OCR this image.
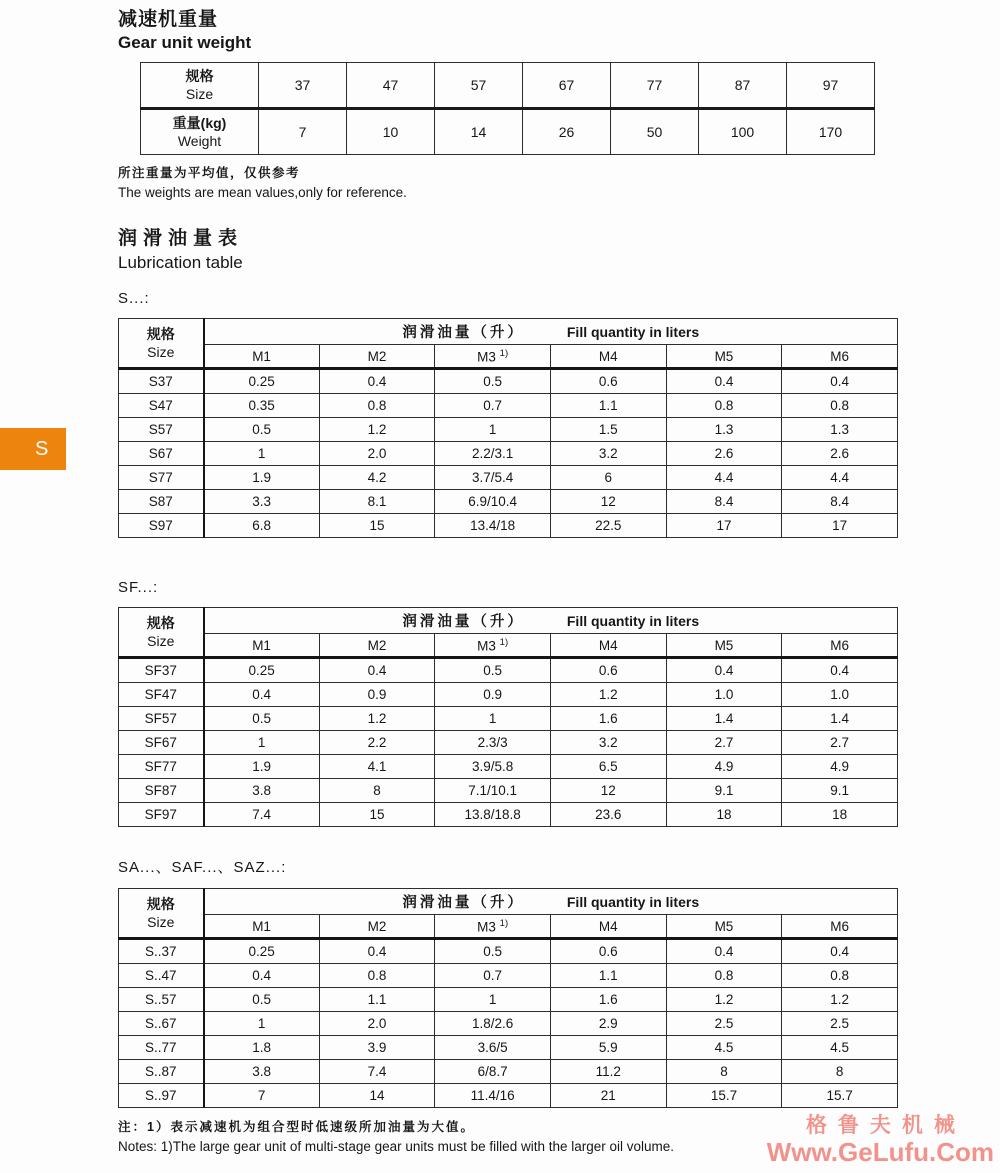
S
减速机重量
Gear unit weight
规格
Size	37	47	57	67	77	87	97

重量(kg)
Weight	7	10	14	26	50	100	170
所注重量为平均值，仅供参考
The weights are mean values,only for reference.
润滑油量表
Lubrication table
S...:
规格
Size

润滑油量（升）	Fill quantity in liters

	M1	M2	M3 $^{1)}$	M4	M5	M6
S37	0.25	0.4	0.5	0.6	0.4	0.4
S47	0.35	0.8	0.7	1.1	0.8	0.8
S57	0.5	1.2	1	1.5	1.3	1.3
S67	1	2.0	2.2/3.1	3.2	2.6	2.6
S77	1.9	4.2	3.7/5.4	6	4.4	4.4
S87	3.3	8.1	6.9/10.4	12	8.4	8.4
S97	6.8	15	13.4/18	22.5	17	17
SF...:
规格
Size

润滑油量（升）	Fill quantity in liters

	M1	M2	M3 $^{1)}$	M4	M5	M6
SF37	0.25	0.4	0.5	0.6	0.4	0.4
SF47	0.4	0.9	0.9	1.2	1.0	1.0
SF57	0.5	1.2	1	1.6	1.4	1.4
SF67	1	2.2	2.3/3	3.2	2.7	2.7
SF77	1.9	4.1	3.9/5.8	6.5	4.9	4.9
SF87	3.8	8	7.1/10.1	12	9.1	9.1
SF97	7.4	15	13.8/18.8	23.6	18	18
SA...、SAF...、SAZ...:
规格
Size

润滑油量（升）	Fill quantity in liters

	M1	M2	M3 $^{1)}$	M4	M5	M6
S..37	0.25	0.4	0.5	0.6	0.4	0.4
S..47	0.4	0.8	0.7	1.1	0.8	0.8
S..57	0.5	1.1	1	1.6	1.2	1.2
S..67	1	2.0	1.8/2.6	2.9	2.5	2.5
S..77	1.8	3.9	3.6/5	5.9	4.5	4.5
S..87	3.8	7.4	6/8.7	11.2	8	8
S..97	7	14	11.4/16	21	15.7	15.7
注：1）表示减速机为组合型时低速级所加油量为大值。
Notes: 1)The large gear unit of multi-stage gear units must be filled with the larger oil volume.
格鲁夫机械
Www.GeLufu.Com
